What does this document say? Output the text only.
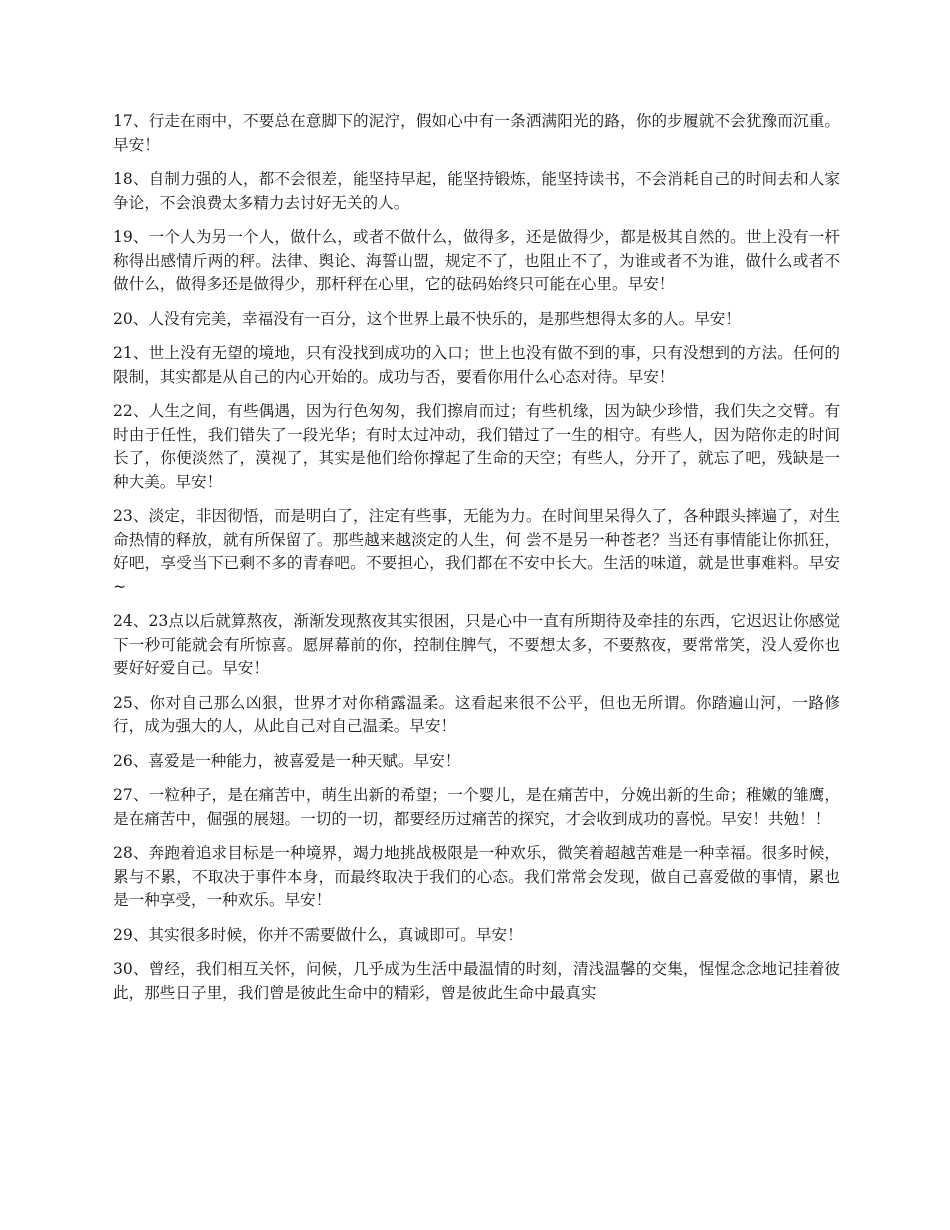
17、行走在雨中，不要总在意脚下的泥泞，假如心中有一条洒满阳光的路，你的步履就不会犹豫而沉重。早安！

18、自制力强的人，都不会很差，能坚持早起，能坚持锻炼，能坚持读书，不会消耗自己的时间去和人家争论，不会浪费太多精力去讨好无关的人。

19、一个人为另一个人，做什么，或者不做什么，做得多，还是做得少，都是极其自然的。世上没有一杆称得出感情斤两的秤。法律、舆论、海誓山盟，规定不了，也阻止不了，为谁或者不为谁，做什么或者不做什么，做得多还是做得少，那杆秤在心里，它的砝码始终只可能在心里。早安！

20、人没有完美，幸福没有一百分，这个世界上最不快乐的，是那些想得太多的人。早安！

21、世上没有无望的境地，只有没找到成功的入口；世上也没有做不到的事，只有没想到的方法。任何的限制，其实都是从自己的内心开始的。成功与否，要看你用什么心态对待。早安！

22、人生之间，有些偶遇，因为行色匆匆，我们擦肩而过；有些机缘，因为缺少珍惜，我们失之交臂。有时由于任性，我们错失了一段光华；有时太过冲动，我们错过了一生的相守。有些人，因为陪你走的时间长了，你便淡然了，漠视了，其实是他们给你撑起了生命的天空；有些人，分开了，就忘了吧，残缺是一种大美。早安！

23、淡定，非因彻悟，而是明白了，注定有些事，无能为力。在时间里呆得久了，各种跟头摔遍了，对生命热情的释放，就有所保留了。那些越来越淡定的人生，何 尝不是另一种苍老？当还有事情能让你抓狂，好吧，享受当下已剩不多的青春吧。不要担心，我们都在不安中长大。生活的味道，就是世事难料。早安~

24、23点以后就算熬夜，渐渐发现熬夜其实很困，只是心中一直有所期待及牵挂的东西，它迟迟让你感觉下一秒可能就会有所惊喜。愿屏幕前的你，控制住脾气，不要想太多，不要熬夜，要常常笑，没人爱你也要好好爱自己。早安！

25、你对自己那么凶狠，世界才对你稍露温柔。这看起来很不公平，但也无所谓。你踏遍山河，一路修行，成为强大的人，从此自己对自己温柔。早安！

26、喜爱是一种能力，被喜爱是一种天赋。早安！

27、一粒种子，是在痛苦中，萌生出新的希望；一个婴儿，是在痛苦中，分娩出新的生命；稚嫩的雏鹰，是在痛苦中，倔强的展翅。一切的一切，都要经历过痛苦的探究，才会收到成功的喜悦。早安！共勉！！

28、奔跑着追求目标是一种境界，竭力地挑战极限是一种欢乐，微笑着超越苦难是一种幸福。很多时候，累与不累，不取决于事件本身，而最终取决于我们的心态。我们常常会发现，做自己喜爱做的事情，累也是一种享受，一种欢乐。早安！

29、其实很多时候，你并不需要做什么，真诚即可。早安！

30、曾经，我们相互关怀，问候，几乎成为生活中最温情的时刻，清浅温馨的交集，惺惺念念地记挂着彼此，那些日子里，我们曾是彼此生命中的精彩，曾是彼此生命中最真实
